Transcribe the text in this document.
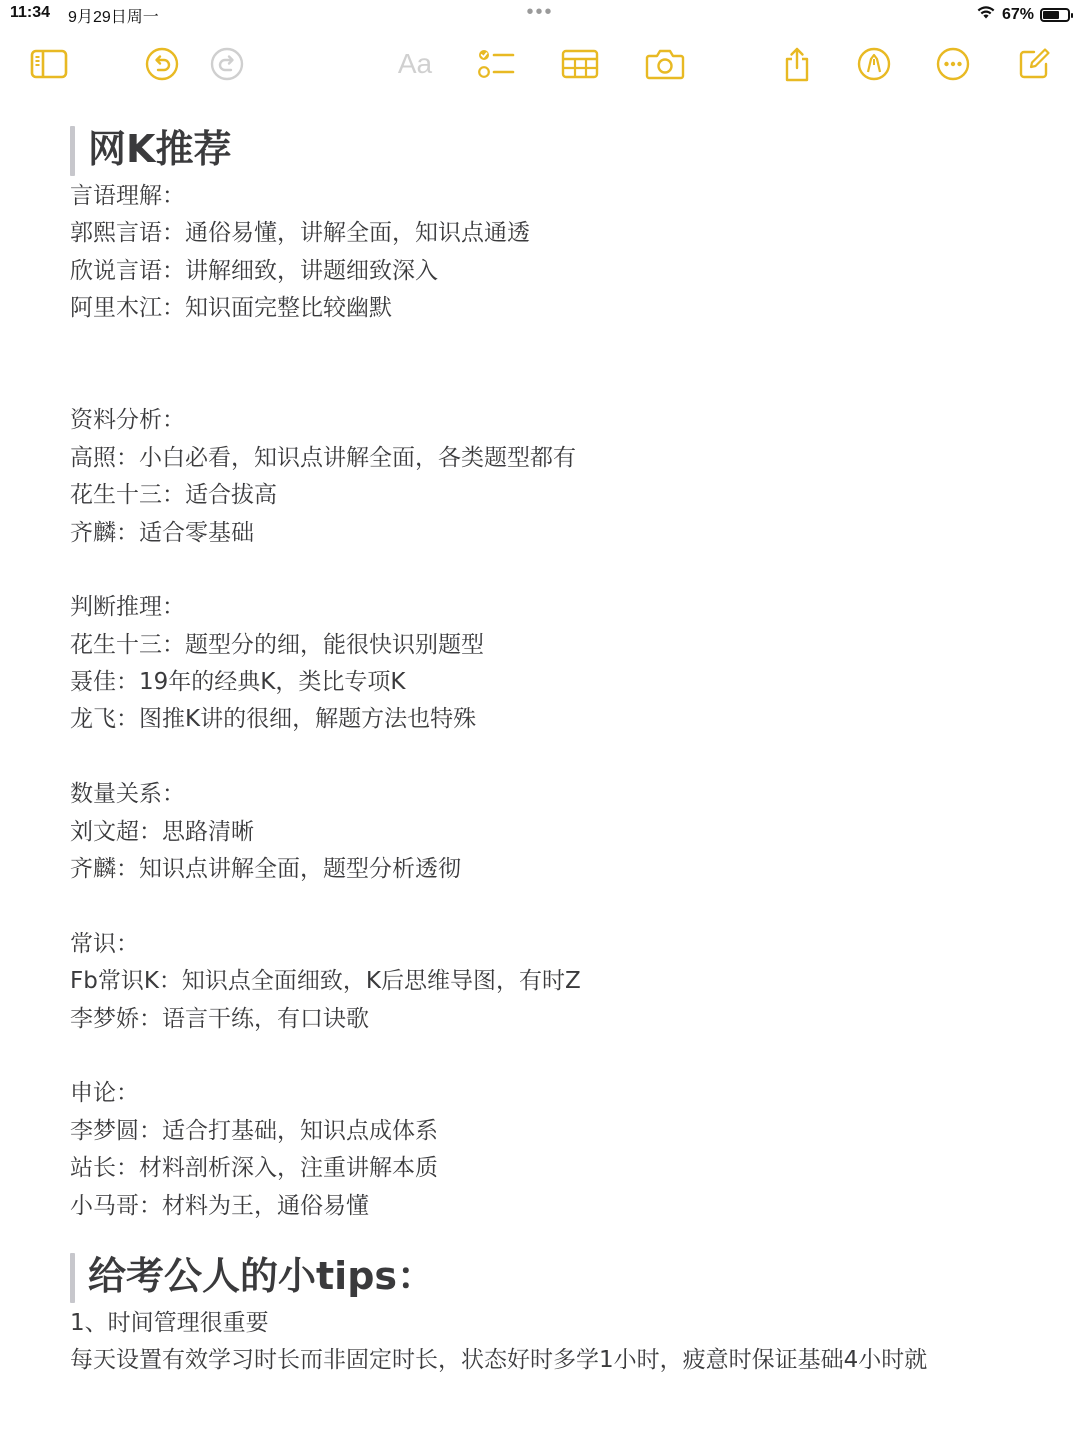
11:34 9月29日周一	•••	67%
Aa
网K推荐
言语理解：
郭熙言语：通俗易懂，讲解全面，知识点通透
欣说言语：讲解细致，讲题细致深入
阿里木江：知识面完整比较幽默
资料分析：
高照：小白必看，知识点讲解全面，各类题型都有
花生十三：适合拔高
齐麟：适合零基础
判断推理：
花生十三：题型分的细，能很快识别题型
聂佳：19年的经典K，类比专项K
龙飞：图推K讲的很细，解题方法也特殊
数量关系：
刘文超：思路清晰
齐麟：知识点讲解全面，题型分析透彻
常识：
Fb常识K：知识点全面细致，K后思维导图，有时Z
李梦娇：语言干练，有口诀歌
申论：
李梦圆：适合打基础，知识点成体系
站长：材料剖析深入，注重讲解本质
小马哥：材料为王，通俗易懂
给考公人的小tips：
1、时间管理很重要
每天设置有效学习时长而非固定时长，状态好时多学1小时，疲意时保证基础4小时就
